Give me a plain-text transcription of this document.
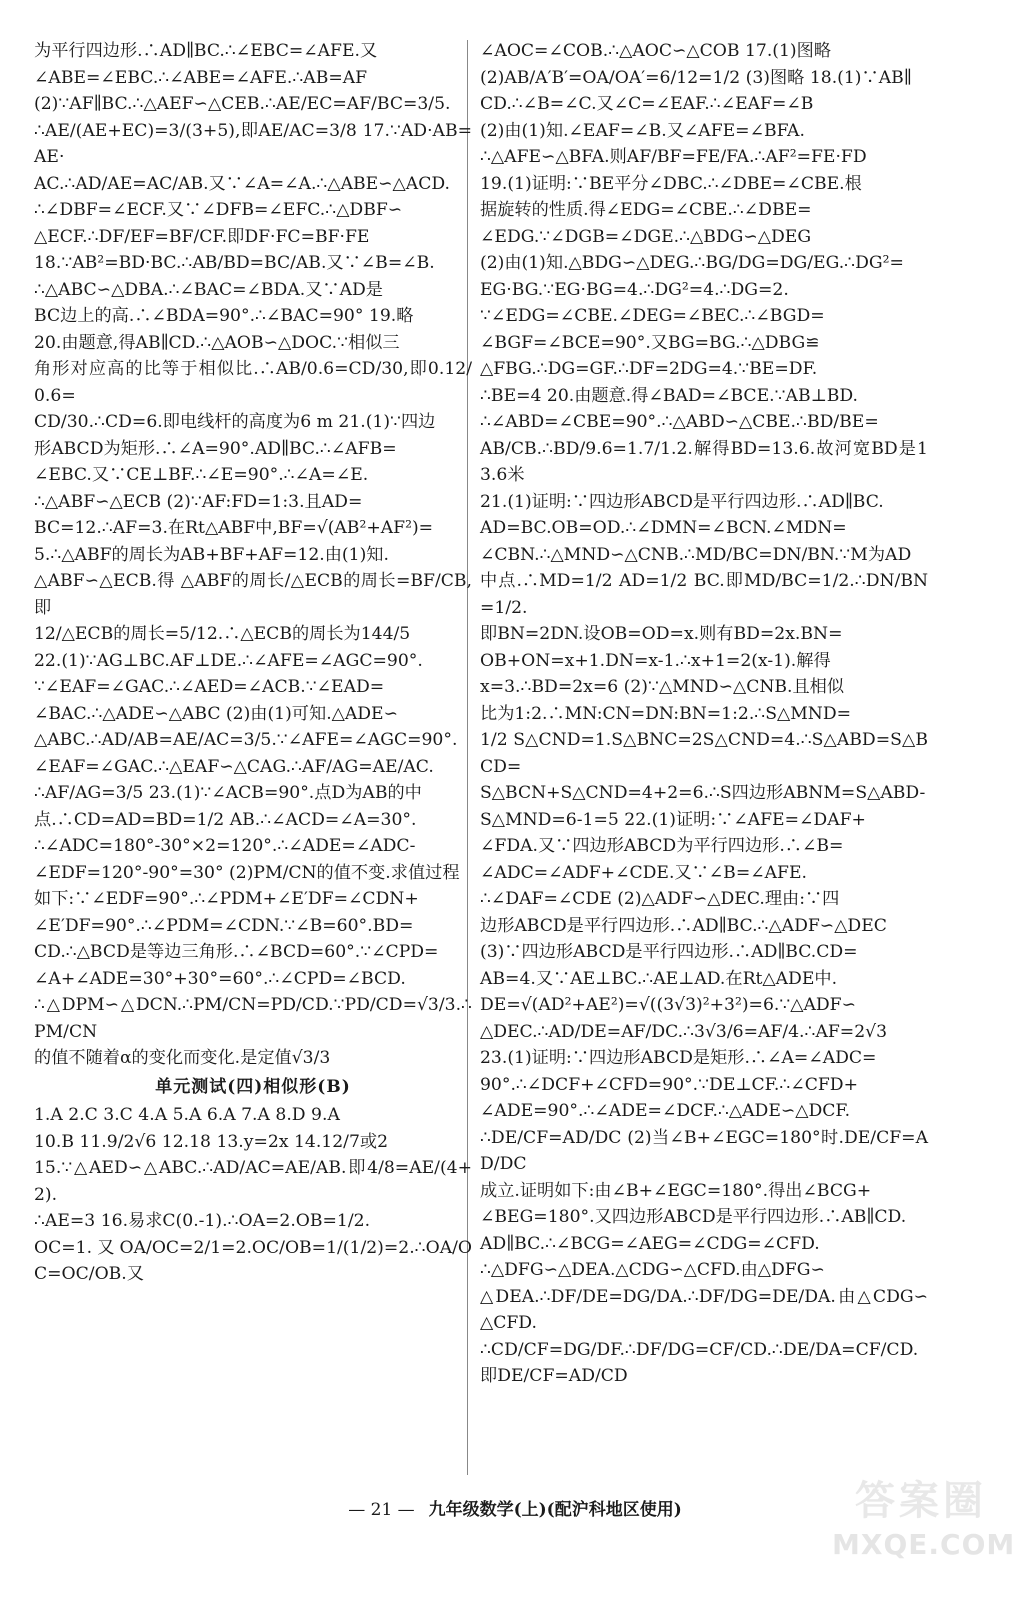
为平行四边形.∴AD∥BC.∴∠EBC=∠AFE.又
∠ABE=∠EBC.∴∠ABE=∠AFE.∴AB=AF
(2)∵AF∥BC.∴△AEF∽△CEB.∴AE/EC=AF/BC=3/5.
∴AE/(AE+EC)=3/(3+5),即AE/AC=3/8 17.∵AD·AB=AE·
AC.∴AD/AE=AC/AB.又∵∠A=∠A.∴△ABE∽△ACD.
∴∠DBF=∠ECF.又∵∠DFB=∠EFC.∴△DBF∽
△ECF.∴DF/EF=BF/CF.即DF·FC=BF·FE
18.∵AB²=BD·BC.∴AB/BD=BC/AB.又∵∠B=∠B.
∴△ABC∽△DBA.∴∠BAC=∠BDA.又∵AD是
BC边上的高.∴∠BDA=90°.∴∠BAC=90° 19.略
20.由题意,得AB∥CD.∴△AOB∽△DOC.∵相似三
角形对应高的比等于相似比.∴AB/0.6=CD/30,即0.12/0.6=
CD/30.∴CD=6.即电线杆的高度为6 m 21.(1)∵四边
形ABCD为矩形.∴∠A=90°.AD∥BC.∴∠AFB=
∠EBC.又∵CE⊥BF.∴∠E=90°.∴∠A=∠E.
∴△ABF∽△ECB (2)∵AF:FD=1:3.且AD=
BC=12.∴AF=3.在Rt△ABF中,BF=√(AB²+AF²)=
5.∴△ABF的周长为AB+BF+AF=12.由(1)知.
△ABF∽△ECB.得 △ABF的周长/△ECB的周长=BF/CB,即
12/△ECB的周长=5/12.∴△ECB的周长为144/5
22.(1)∵AG⊥BC.AF⊥DE.∴∠AFE=∠AGC=90°.
∵∠EAF=∠GAC.∴∠AED=∠ACB.∵∠EAD=
∠BAC.∴△ADE∽△ABC (2)由(1)可知.△ADE∽
△ABC.∴AD/AB=AE/AC=3/5.∵∠AFE=∠AGC=90°.
∠EAF=∠GAC.∴△EAF∽△CAG.∴AF/AG=AE/AC.
∴AF/AG=3/5 23.(1)∵∠ACB=90°.点D为AB的中
点.∴CD=AD=BD=1/2 AB.∴∠ACD=∠A=30°.
∴∠ADC=180°-30°×2=120°.∴∠ADE=∠ADC-
∠EDF=120°-90°=30° (2)PM/CN的值不变.求值过程
如下:∵∠EDF=90°.∴∠PDM+∠E′DF=∠CDN+
∠E′DF=90°.∴∠PDM=∠CDN.∵∠B=60°.BD=
CD.∴△BCD是等边三角形.∴∠BCD=60°.∵∠CPD=
∠A+∠ADE=30°+30°=60°.∴∠CPD=∠BCD.
∴△DPM∽△DCN.∴PM/CN=PD/CD.∵PD/CD=√3/3.∴PM/CN
的值不随着α的变化而变化.是定值√3/3
单元测试(四)相似形(B)
1.A 2.C 3.C 4.A 5.A 6.A 7.A 8.D 9.A
10.B 11.9/2√6 12.18 13.y=2x 14.12/7或2
15.∵△AED∽△ABC.∴AD/AC=AE/AB.即4/8=AE/(4+2).
∴AE=3 16.易求C(0.-1).∴OA=2.OB=1/2.
OC=1.又OA/OC=2/1=2.OC/OB=1/(1/2)=2.∴OA/OC=OC/OB.又
∠AOC=∠COB.∴△AOC∽△COB 17.(1)图略
(2)AB/A′B′=OA/OA′=6/12=1/2 (3)图略 18.(1)∵AB∥
CD.∴∠B=∠C.又∠C=∠EAF.∴∠EAF=∠B
(2)由(1)知.∠EAF=∠B.又∠AFE=∠BFA.
∴△AFE∽△BFA.则AF/BF=FE/FA.∴AF²=FE·FD
19.(1)证明:∵BE平分∠DBC.∴∠DBE=∠CBE.根
据旋转的性质.得∠EDG=∠CBE.∴∠DBE=
∠EDG.∵∠DGB=∠DGE.∴△BDG∽△DEG
(2)由(1)知.△BDG∽△DEG.∴BG/DG=DG/EG.∴DG²=
EG·BG.∵EG·BG=4.∴DG²=4.∴DG=2.
∵∠EDG=∠CBE.∠DEG=∠BEC.∴∠BGD=
∠BGF=∠BCE=90°.又BG=BG.∴△DBG≌
△FBG.∴DG=GF.∴DF=2DG=4.∵BE=DF.
∴BE=4 20.由题意.得∠BAD=∠BCE.∵AB⊥BD.
∴∠ABD=∠CBE=90°.∴△ABD∽△CBE.∴BD/BE=
AB/CB.∴BD/9.6=1.7/1.2.解得BD=13.6.故河宽BD是13.6米
21.(1)证明:∵四边形ABCD是平行四边形.∴AD∥BC.
AD=BC.OB=OD.∴∠DMN=∠BCN.∠MDN=
∠CBN.∴△MND∽△CNB.∴MD/BC=DN/BN.∵M为AD
中点.∴MD=1/2 AD=1/2 BC.即MD/BC=1/2.∴DN/BN=1/2.
即BN=2DN.设OB=OD=x.则有BD=2x.BN=
OB+ON=x+1.DN=x-1.∴x+1=2(x-1).解得
x=3.∴BD=2x=6 (2)∵△MND∽△CNB.且相似
比为1:2.∴MN:CN=DN:BN=1:2.∴S△MND=
1/2 S△CND=1.S△BNC=2S△CND=4.∴S△ABD=S△BCD=
S△BCN+S△CND=4+2=6.∴S四边形ABNM=S△ABD-
S△MND=6-1=5 22.(1)证明:∵∠AFE=∠DAF+
∠FDA.又∵四边形ABCD为平行四边形.∴∠B=
∠ADC=∠ADF+∠CDE.又∵∠B=∠AFE.
∴∠DAF=∠CDE (2)△ADF∽△DEC.理由:∵四
边形ABCD是平行四边形.∴AD∥BC.∴△ADF∽△DEC
(3)∵四边形ABCD是平行四边形.∴AD∥BC.CD=
AB=4.又∵AE⊥BC.∴AE⊥AD.在Rt△ADE中.
DE=√(AD²+AE²)=√((3√3)²+3²)=6.∵△ADF∽
△DEC.∴AD/DE=AF/DC.∴3√3/6=AF/4.∴AF=2√3
23.(1)证明:∵四边形ABCD是矩形.∴∠A=∠ADC=
90°.∴∠DCF+∠CFD=90°.∵DE⊥CF.∴∠CFD+
∠ADE=90°.∴∠ADE=∠DCF.∴△ADE∽△DCF.
∴DE/CF=AD/DC (2)当∠B+∠EGC=180°时.DE/CF=AD/DC
成立.证明如下:由∠B+∠EGC=180°.得出∠BCG+
∠BEG=180°.又四边形ABCD是平行四边形.∴AB∥CD.
AD∥BC.∴∠BCG=∠AEG=∠CDG=∠CFD.
∴△DFG∽△DEA.△CDG∽△CFD.由△DFG∽
△DEA.∴DF/DE=DG/DA.∴DF/DG=DE/DA.由△CDG∽△CFD.
∴CD/CF=DG/DF.∴DF/DG=CF/CD.∴DE/DA=CF/CD.即DE/CF=AD/CD
— 21 — 九年级数学(上)(配沪科地区使用)	答案圈
MXQE.COM
